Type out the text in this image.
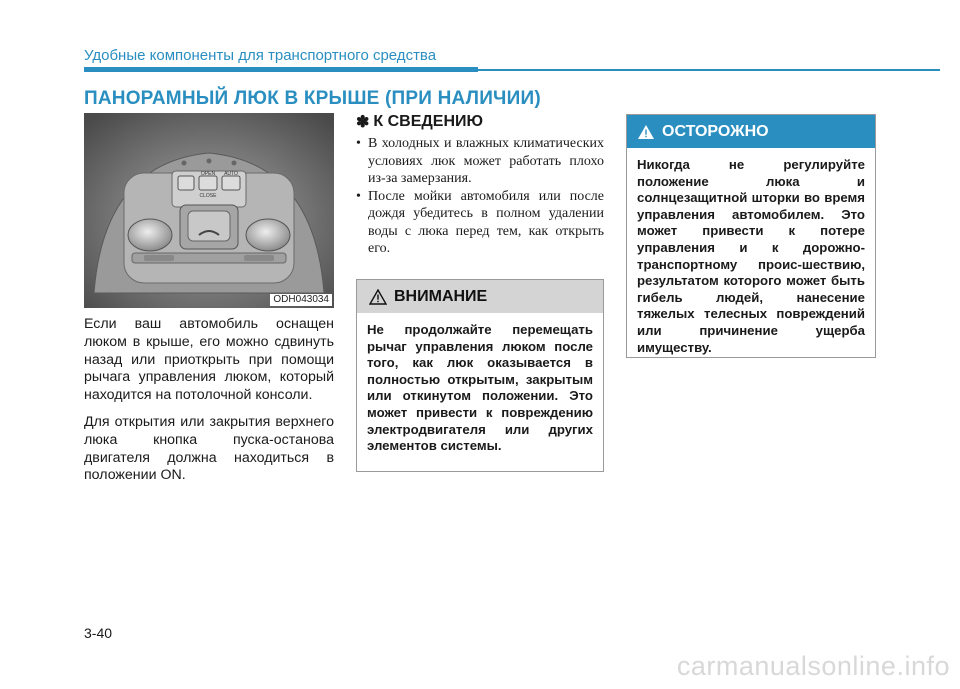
Удобные компоненты для транспортного средства
ПАНОРАМНЫЙ ЛЮК В КРЫШЕ (ПРИ НАЛИЧИИ)
OPEN
CLOSE
AUTO
ODH043034

Если ваш автомобиль оснащен люком в крыше, его можно сдвинуть назад или приоткрыть при помощи рычага управления люком, который находится на потолочной консоли.

Для открытия или закрытия верхнего люка кнопка пуска-останова двигателя должна находиться в положении ON.

✽ К СВЕДЕНИЮ
• В холодных и влажных климатических условиях люк может работать плохо из-за замерзания.
• После мойки автомобиля или после дождя убедитесь в полном удалении воды с люка перед тем, как открыть его.
ВНИМАНИЕ
Не продолжайте перемещать рычаг управления люком после того, как люк оказывается в полностью открытым, закрытым или откинутом положении. Это может привести к повреждению электродвигателя или других элементов системы.
ОСТОРОЖНО
Никогда не регулируйте положение люка и солнцезащитной шторки во время управления автомобилем. Это может привести к потере управления и к дорожно-транспортному проис-шествию, результатом которого может быть гибель людей, нанесение тяжелых телесных повреждений или причинение ущерба имуществу.
3-40
carmanualsonline.info
